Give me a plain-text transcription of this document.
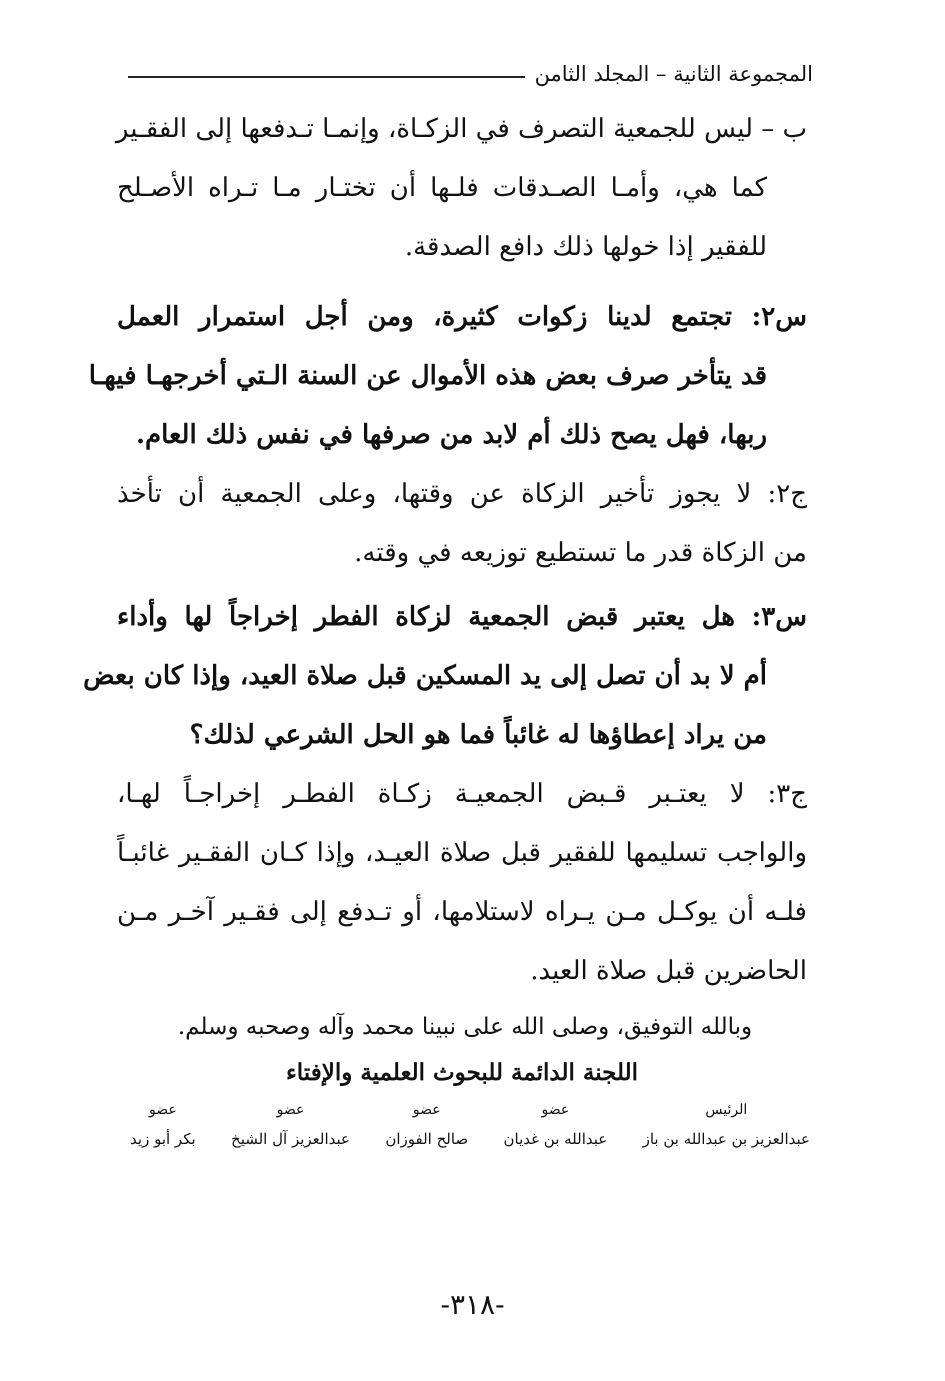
المجموعة الثانية – المجلد الثامن
ب – ليس للجمعية التصرف في الزكـاة، وإنمـا تـدفعها إلى الفقـير
كما هي، وأمـا الصـدقات فلـها أن تختـار مـا تـراه الأصـلح
للفقير إذا خولها ذلك دافع الصدقة.
س٢: تجتمع لدينا زكوات كثيرة، ومن أجل استمرار العمل
قد يتأخر صرف بعض هذه الأموال عن السنة الـتي أخرجهـا فيهـا
ربها، فهل يصح ذلك أم لابد من صرفها في نفس ذلك العام.
ج٢: لا يجوز تأخير الزكاة عن وقتها، وعلى الجمعية أن تأخذ
من الزكاة قدر ما تستطيع توزيعه في وقته.
س٣: هل يعتبر قبض الجمعية لزكاة الفطر إخراجاً لها وأداء
أم لا بد أن تصل إلى يد المسكين قبل صلاة العيد، وإذا كان بعض
من يراد إعطاؤها له غائباً فما هو الحل الشرعي لذلك؟
ج٣: لا يعتـبر قـبض الجمعيـة زكـاة الفطـر إخراجـاً لهـا،
والواجب تسليمها للفقير قبل صلاة العيـد، وإذا كـان الفقـير غائبـاً
فلـه أن يوكـل مـن يـراه لاستلامها، أو تـدفع إلى فقـير آخـر مـن
الحاضرين قبل صلاة العيد.
وبالله التوفيق، وصلى الله على نبينا محمد وآله وصحبه وسلم.
اللجنة الدائمة للبحوث العلمية والإفتاء
الرئيس
عبدالعزيز بن عبدالله بن باز
عضو
عبدالله بن غديان
عضو
صالح الفوزان
عضو
عبدالعزيز آل الشيخ
عضو
بكر أبو زيد
-٣١٨-
